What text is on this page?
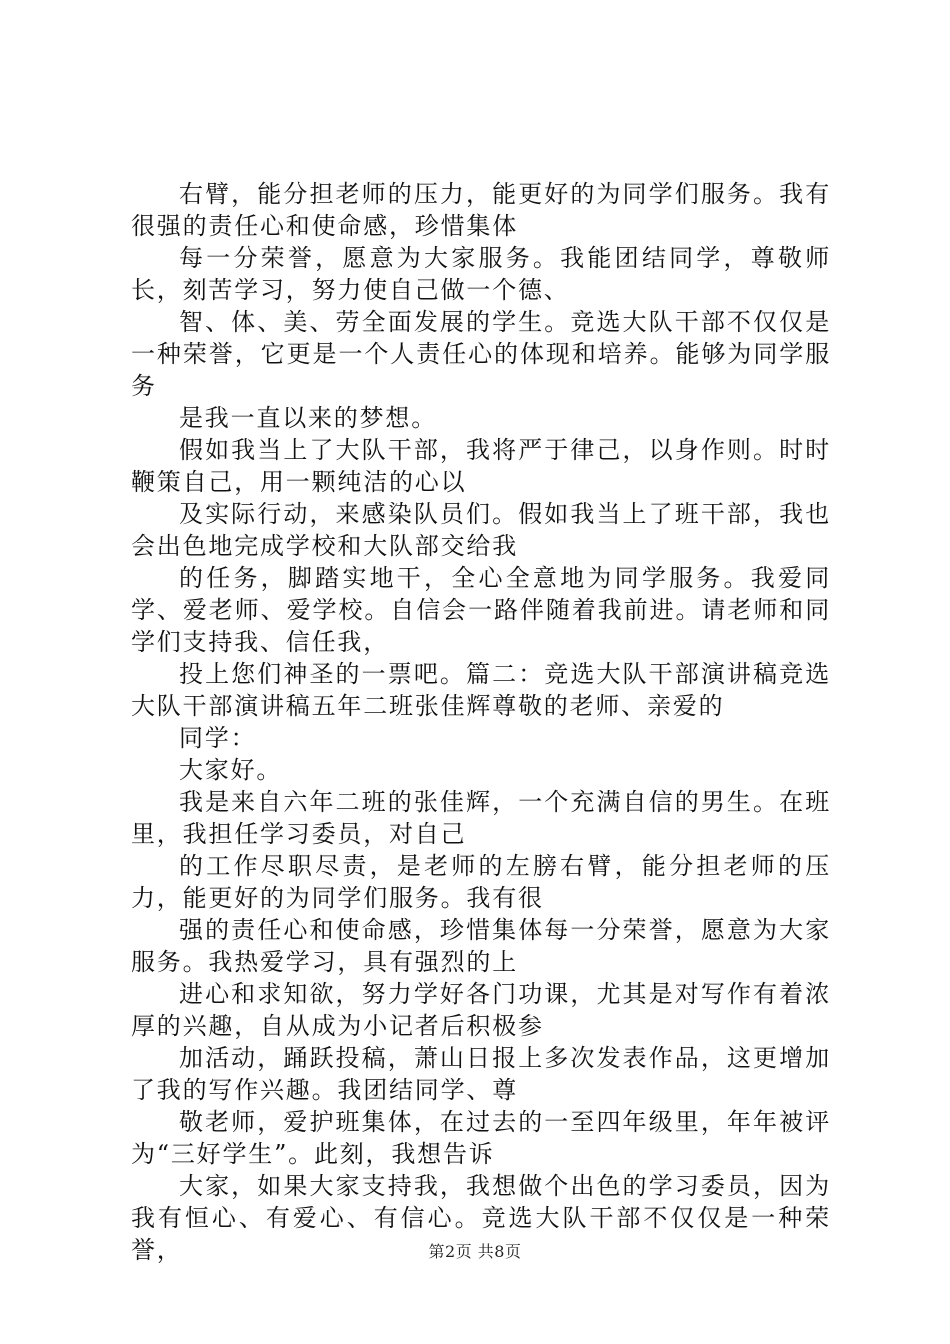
右臂，能分担老师的压力，能更好的为同学们服务。我有很强的责任心和使命感，珍惜集体

每一分荣誉，愿意为大家服务。我能团结同学，尊敬师长，刻苦学习，努力使自己做一个德、

智、体、美、劳全面发展的学生。竞选大队干部不仅仅是一种荣誉，它更是一个人责任心的体现和培养。能够为同学服务

是我一直以来的梦想。

假如我当上了大队干部，我将严于律己，以身作则。时时鞭策自己，用一颗纯洁的心以

及实际行动，来感染队员们。假如我当上了班干部，我也会出色地完成学校和大队部交给我

的任务，脚踏实地干，全心全意地为同学服务。我爱同学、爱老师、爱学校。自信会一路伴随着我前进。请老师和同学们支持我、信任我，

投上您们神圣的一票吧。篇二：竞选大队干部演讲稿竞选大队干部演讲稿五年二班张佳辉尊敬的老师、亲爱的

同学：

大家好。

我是来自六年二班的张佳辉，一个充满自信的男生。在班里，我担任学习委员，对自己

的工作尽职尽责，是老师的左膀右臂，能分担老师的压力，能更好的为同学们服务。我有很

强的责任心和使命感，珍惜集体每一分荣誉，愿意为大家服务。我热爱学习，具有强烈的上

进心和求知欲，努力学好各门功课，尤其是对写作有着浓厚的兴趣，自从成为小记者后积极参

加活动，踊跃投稿，萧山日报上多次发表作品，这更增加了我的写作兴趣。我团结同学、尊

敬老师，爱护班集体，在过去的一至四年级里，年年被评为“三好学生”。此刻，我想告诉

大家，如果大家支持我，我想做个出色的学习委员，因为我有恒心、有爱心、有信心。竞选大队干部不仅仅是一种荣誉，	第2页 共8页
